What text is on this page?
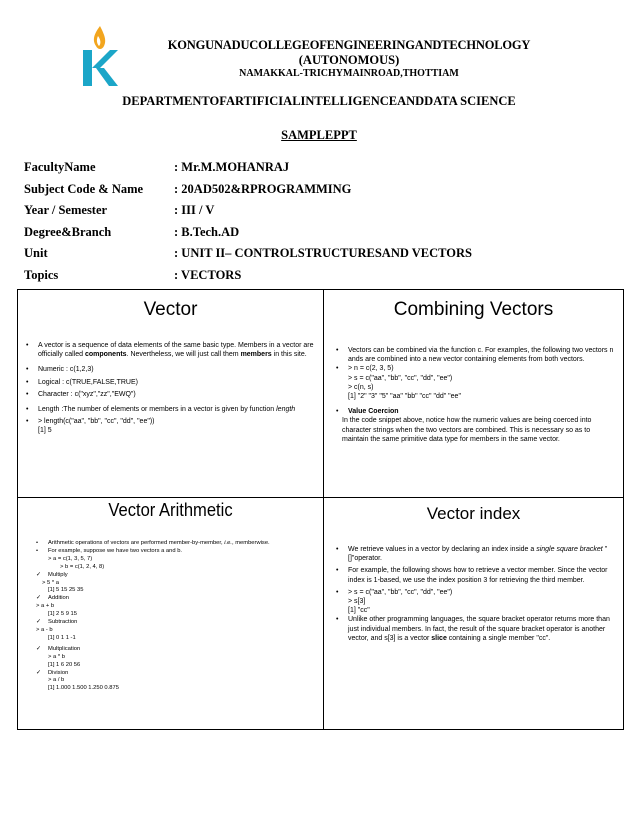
KONGUNADUCOLLEGEOFENGINEERINGANDTECHNOLOGY
(AUTONOMOUS)
NAMAKKAL-TRICHYMAINROAD,THOTTIAM
DEPARTMENTOFARTIFICIALINTELLIGENCEANDDATA SCIENCE
SAMPLEPPT
FacultyName	: Mr.M.MOHANRAJ
Subject Code & Name : 20AD502&RPROGRAMMING
Year / Semester	: III / V
Degree&Branch	: B.Tech.AD
Unit	: UNIT II– CONTROLSTRUCTURESAND VECTORS
Topics	: VECTORS
Vector
• A vector is a sequence of data elements of the same basic type. Members in a vector are officially called components. Nevertheless, we will just call them members in this site.
• Numeric : c(1,2,3)
• Logical : c(TRUE,FALSE,TRUE)
• Character : c("xyz","zz","EWQ")
• Length :The number of elements or members in a vector is given by function length
• > length(c("aa", "bb", "cc", "dd", "ee"))
[1] 5
Combining Vectors
• Vectors can be combined via the function c. For examples, the following two vectors n ands are combined into a new vector containing elements from both vectors.
• > n = c(2, 3, 5)
> s = c("aa", "bb", "cc", "dd", "ee")
> c(n, s)
[1] "2" "3" "5" "aa" "bb" "cc" "dd" "ee"
• Value Coercion
In the code snippet above, notice how the numeric values are being coerced into character strings when the two vectors are combined. This is necessary so as to maintain the same primitive data type for members in the same vector.
Vector Arithmetic
• Arithmetic operations of vectors are performed member-by-member, i.e., memberwise.
• For example, suppose we have two vectors a and b.
> a = c(1, 3, 5, 7)
> b = c(1, 2, 4, 8)
✓ Multiply
> 5 * a
[1] 5 15 25 35
✓ Addition
> a + b
[1] 2 5 9 15
✓ Subtraction
> a - b
[1] 0 1 1 -1
✓ Multplication
> a * b
[1] 1 6 20 56
✓ Division
> a / b
[1] 1.000 1.500 1.250 0.875
Vector index
• We retrieve values in a vector by declaring an index inside a single square bracket "[]"operator.
• For example, the following shows how to retrieve a vector member. Since the vector index is 1-based, we use the index position 3 for retrieving the third member.
• > s = c("aa", "bb", "cc", "dd", "ee")
> s[3]
[1] "cc"
• Unlike other programming languages, the square bracket operator returns more than just individual members. In fact, the result of the square bracket operator is another vector, and s[3] is a vector slice containing a single member "cc".
